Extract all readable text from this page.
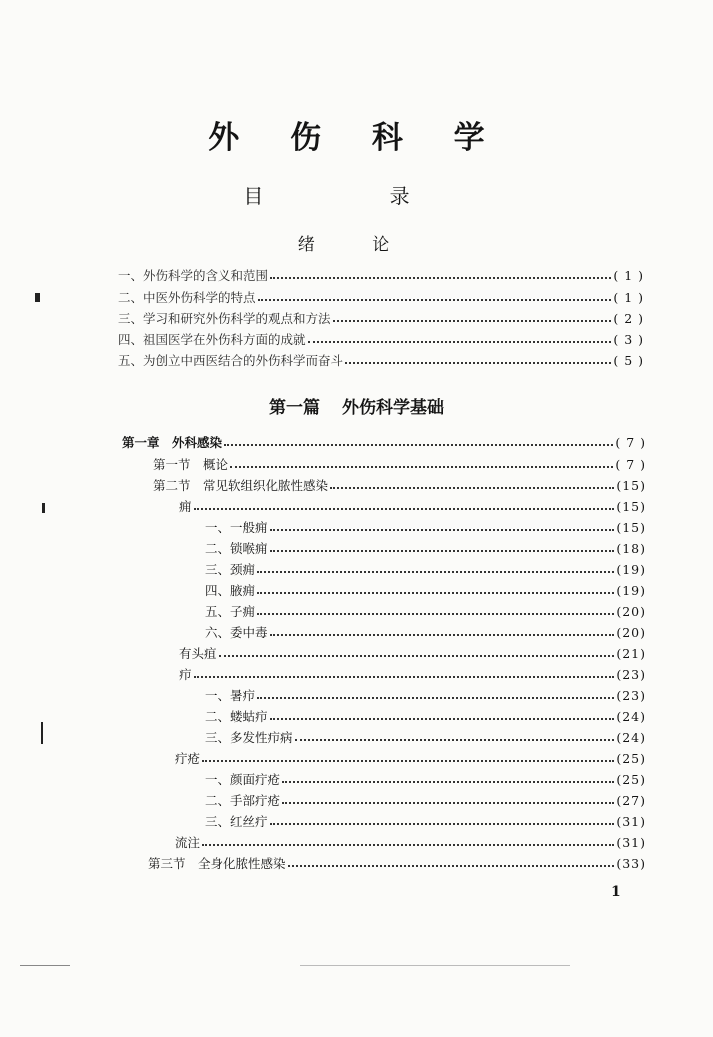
外 伤 科 学
目 录
绪 论
一、外伤科学的含义和范围	( 1 )
二、中医外伤科学的特点	( 1 )
三、学习和研究外伤科学的观点和方法	( 2 )
四、祖国医学在外伤科方面的成就	( 3 )
五、为创立中西医结合的外伤科学而奋斗	( 5 )
第一篇 外伤科学基础
第一章　外科感染	( 7 )
第一节　概论	( 7 )
第二节　常见软组织化脓性感染	(15)
痈	(15)
一、一般痈	(15)
二、锁喉痈	(18)
三、颈痈	(19)
四、腋痈	(19)
五、子痈	(20)
六、委中毒	(20)
有头疽	(21)
疖	(23)
一、暑疖	(23)
二、蝼蛄疖	(24)
三、多发性疖病	(24)
疔疮	(25)
一、颜面疔疮	(25)
二、手部疔疮	(27)
三、红丝疔	(31)
流注	(31)
第三节　全身化脓性感染	(33)
1
